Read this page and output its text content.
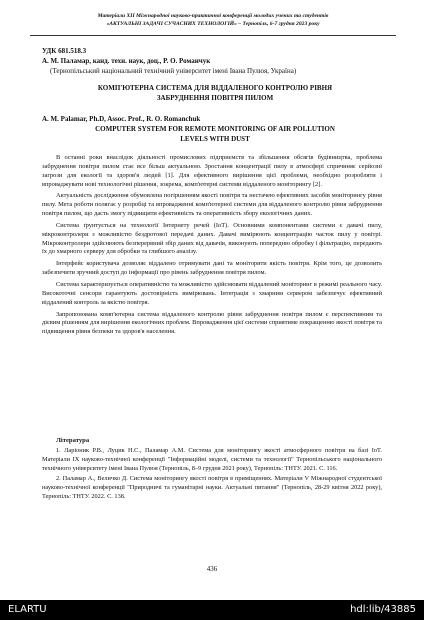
Матеріали XII Міжнародної науково-практичної конференції молодих учених та студентів
«АКТУАЛЬНІ ЗАДАЧІ СУЧАСНИХ ТЕХНОЛОГІЙ» – Тернопіль, 6-7 грудня 2023 року
УДК 681.518.3
А. М. Паламар, канд. техн. наук, доц., Р. О. Романчук
(Тернопільський національний технічний університет імені Івана Пулюя, Україна)
КОМП'ЮТЕРНА СИСТЕМА ДЛЯ ВІДДАЛЕНОГО КОНТРОЛЮ РІВНЯ
ЗАБРУДНЕННЯ ПОВІТРЯ ПИЛОМ
A. M. Palamar, Ph.D, Assoc. Prof., R. O. Romanchuk
COMPUTER SYSTEM FOR REMOTE MONITORING OF AIR POLLUTION
LEVELS WITH DUST

В останні роки внаслідок діяльності промислових підприємств та збільшення обсягів будівництва, проблема забруднення повітря пилом стає все більш актуальною. Зростання концентрації пилу в атмосфері спричиняє серйозні загрози для екології та здоров'я людей [1]. Для ефективного вирішення цієї проблеми, необхідно розробляти і впроваджувати нові технологічні рішення, зокрема, комп'ютерні системи віддаленого моніторингу [2].

Актуальність дослідження обумовлена погіршенням якості повітря та нестачею ефективних засобів моніторингу рівня пилу. Мета роботи полягає у розробці та впровадженні комп'ютерної системи для віддаленого контролю рівня забруднення повітря пилом, що дасть змогу підвищити ефективність та оперативність збору екологічних даних.

Система ґрунтується на технології Інтернету речей (IoT). Основними компонентами системи є давачі пилу, мікроконтролери з можливістю бездротової передачі даних. Давачі вимірюють концентрацію часток пилу у повітрі. Мікроконтролери здійснюють безперервний збір даних від давачів, виконують попередню обробку і фільтрацію, передають їх до хмарного серверу для обробки та глибшого аналізу.

Інтерфейс користувача дозволяє віддалено отримувати дані та моніторити якість повітря. Крім того, це дозволить забезпечити зручний доступ до інформації про рівень забруднення повітря пилом.

Система характеризується оперативністю та можливістю здійснювати віддалений моніторинг в режимі реального часу. Високоточні сенсори гарантують достовірність вимірювань. Інтеграція з хмарним сервером забезпечує ефективний віддалений контроль за якістю повітря.

Запропонована комп'ютерна система віддаленого контролю рівня забруднення повітря пилом є перспективним та дієвим рішенням для вирішення екологічних проблем. Впровадження цієї системи сприятиме покращенню якості повітря та підвищення рівня безпеки та здоров'я населення.

Література

1. Ларіоник Р.В., Луцик Н.С., Паламар А.М. Система для моніторингу якості атмосферного повітря на базі IoT. Матеріали IX науково-технічної конференції "Інформаційні моделі, системи та технології" Тернопільського національного технічного університету імені Івана Пулюя (Тернопіль, 8–9 грудня 2021 року), Тернопіль: ТНТУ. 2021. С. 116.

2. Паламар А., Величко Д. Система моніторингу якості повітря в приміщеннях. Матеріали V Міжнародної студентської науково-технічної конференції "Природничі та гуманітарні науки. Актуальні питання" (Тернопіль, 28-29 квітня 2022 року), Тернопіль: ТНТУ. 2022. С. 138.

436
ELARTU	hdl:lib/43885
